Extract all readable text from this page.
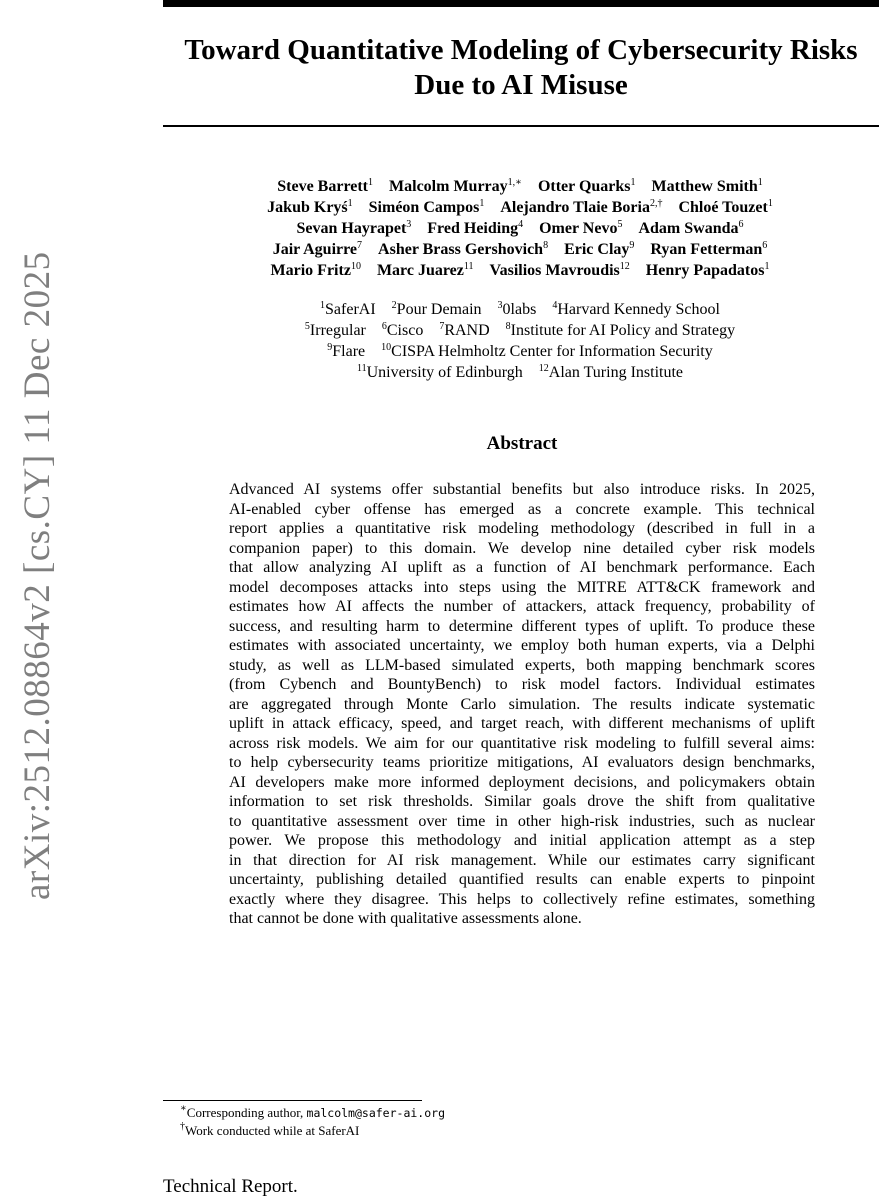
Toward Quantitative Modeling of Cybersecurity Risks
Due to AI Misuse
arXiv:2512.08864v2 [cs.CY] 11 Dec 2025
Steve Barrett$^1$ Malcolm Murray$^{1,∗}$ Otter Quarks$^1$ Matthew Smith$^1$
Jakub Kryś$^1$ Siméon Campos$^1$ Alejandro Tlaie Boria$^{2,\dagger}$ Chloé Touzet$^1$
Sevan Hayrapet$^3$ Fred Heiding$^4$ Omer Nevo$^5$ Adam Swanda$^6$
Jair Aguirre$^7$ Asher Brass Gershovich$^8$ Eric Clay$^9$ Ryan Fetterman$^6$
Mario Fritz$^{10}$ Marc Juarez$^{11}$ Vasilios Mavroudis$^{12}$ Henry Papadatos$^1$
$^1$SaferAI $^2$Pour Demain $^3$0labs $^4$Harvard Kennedy School
$^5$Irregular $^6$Cisco $^7$RAND $^8$Institute for AI Policy and Strategy
$^9$Flare $^{10}$CISPA Helmholtz Center for Information Security
$^{11}$University of Edinburgh $^{12}$Alan Turing Institute
Abstract
Advanced AI systems offer substantial benefits but also introduce risks. In 2025,
AI-enabled cyber offense has emerged as a concrete example. This technical
report applies a quantitative risk modeling methodology (described in full in a
companion paper) to this domain. We develop nine detailed cyber risk models
that allow analyzing AI uplift as a function of AI benchmark performance. Each
model decomposes attacks into steps using the MITRE ATT&CK framework and
estimates how AI affects the number of attackers, attack frequency, probability of
success, and resulting harm to determine different types of uplift. To produce these
estimates with associated uncertainty, we employ both human experts, via a Delphi
study, as well as LLM-based simulated experts, both mapping benchmark scores
(from Cybench and BountyBench) to risk model factors. Individual estimates
are aggregated through Monte Carlo simulation. The results indicate systematic
uplift in attack efficacy, speed, and target reach, with different mechanisms of uplift
across risk models. We aim for our quantitative risk modeling to fulfill several aims:
to help cybersecurity teams prioritize mitigations, AI evaluators design benchmarks,
AI developers make more informed deployment decisions, and policymakers obtain
information to set risk thresholds. Similar goals drove the shift from qualitative
to quantitative assessment over time in other high-risk industries, such as nuclear
power. We propose this methodology and initial application attempt as a step
in that direction for AI risk management. While our estimates carry significant
uncertainty, publishing detailed quantified results can enable experts to pinpoint
exactly where they disagree. This helps to collectively refine estimates, something
that cannot be done with qualitative assessments alone.
∗Corresponding author, malcolm@safer-ai.org
†Work conducted while at SaferAI
Technical Report.
